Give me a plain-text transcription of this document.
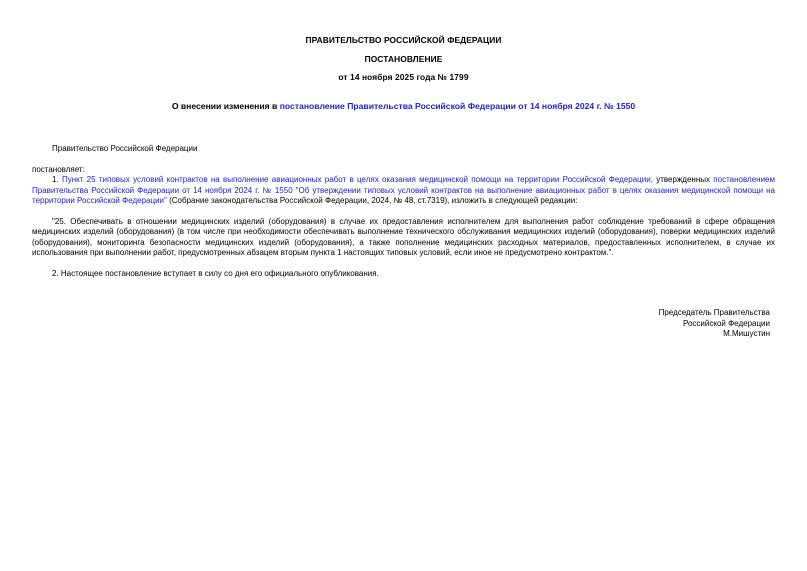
ПРАВИТЕЛЬСТВО РОССИЙСКОЙ ФЕДЕРАЦИИ
ПОСТАНОВЛЕНИЕ
от 14 ноября 2025 года № 1799
О внесении изменения в постановление Правительства Российской Федерации от 14 ноября 2024 г. № 1550

Правительство Российской Федерации

постановляет:

1. Пункт 25 типовых условий контрактов на выполнение авиационных работ в целях оказания медицинской помощи на территории Российской Федерации, утвержденных постановлением Правительства Российской Федерации от 14 ноября 2024 г. № 1550 "Об утверждении типовых условий контрактов на выполнение авиационных работ в целях оказания медицинской помощи на территории Российской Федерации" (Собрание законодательства Российской Федерации, 2024, № 48, ст.7319), изложить в следующей редакции:

"25. Обеспечивать в отношении медицинских изделий (оборудования) в случае их предоставления исполнителем для выполнения работ соблюдение требований в сфере обращения медицинских изделий (оборудования) (в том числе при необходимости обеспечивать выполнение технического обслуживания медицинских изделий (оборудования), поверки медицинских изделий (оборудования), мониторинга безопасности медицинских изделий (оборудования), а также пополнение медицинских расходных материалов, предоставленных исполнителем, в случае их использования при выполнении работ, предусмотренных абзацем вторым пункта 1 настоящих типовых условий, если иное не предусмотрено контрактом.".

2. Настоящее постановление вступает в силу со дня его официального опубликования.

Председатель Правительства
Российской Федерации
М.Мишустин
